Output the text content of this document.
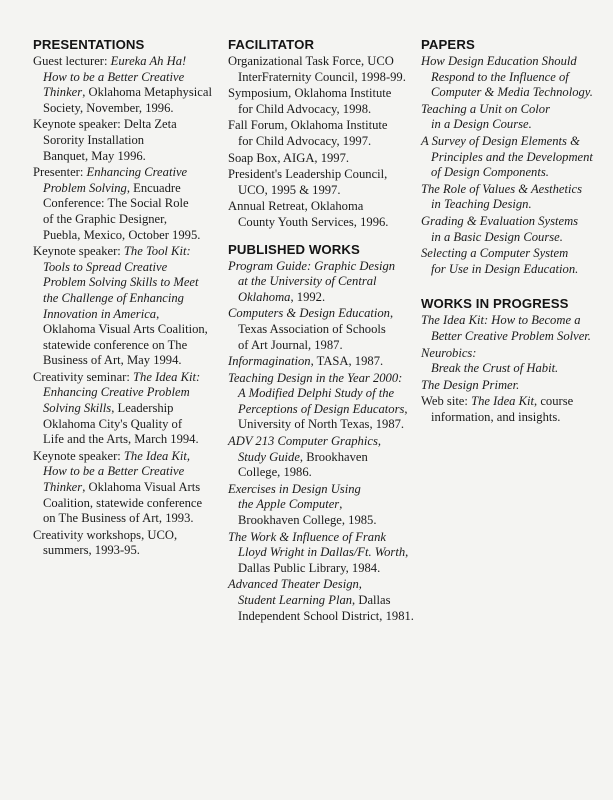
PRESENTATIONS
Guest lecturer: Eureka Ah Ha!
How to be a Better Creative
Thinker, Oklahoma Metaphysical
Society, November, 1996.
Keynote speaker: Delta Zeta
Sorority Installation
Banquet, May 1996.
Presenter: Enhancing Creative
Problem Solving, Encuadre
Conference: The Social Role
of the Graphic Designer,
Puebla, Mexico, October 1995.
Keynote speaker: The Tool Kit:
Tools to Spread Creative
Problem Solving Skills to Meet
the Challenge of Enhancing
Innovation in America,
Oklahoma Visual Arts Coalition,
statewide conference on The
Business of Art, May 1994.
Creativity seminar: The Idea Kit:
Enhancing Creative Problem
Solving Skills, Leadership
Oklahoma City's Quality of
Life and the Arts, March 1994.
Keynote speaker: The Idea Kit,
How to be a Better Creative
Thinker, Oklahoma Visual Arts
Coalition, statewide conference
on The Business of Art, 1993.
Creativity workshops, UCO,
summers, 1993-95.
FACILITATOR
Organizational Task Force, UCO
InterFraternity Council, 1998-99.
Symposium, Oklahoma Institute
for Child Advocacy, 1998.
Fall Forum, Oklahoma Institute
for Child Advocacy, 1997.
Soap Box, AIGA, 1997.
President's Leadership Council,
UCO, 1995 & 1997.
Annual Retreat, Oklahoma
County Youth Services, 1996.
PUBLISHED WORKS
Program Guide: Graphic Design
at the University of Central
Oklahoma, 1992.
Computers & Design Education,
Texas Association of Schools
of Art Journal, 1987.
Informagination, TASA, 1987.
Teaching Design in the Year 2000:
A Modified Delphi Study of the
Perceptions of Design Educators,
University of North Texas, 1987.
ADV 213 Computer Graphics,
Study Guide, Brookhaven
College, 1986.
Exercises in Design Using
the Apple Computer,
Brookhaven College, 1985.
The Work & Influence of Frank
Lloyd Wright in Dallas/Ft. Worth,
Dallas Public Library, 1984.
Advanced Theater Design,
Student Learning Plan, Dallas
Independent School District, 1981.
PAPERS
How Design Education Should
Respond to the Influence of
Computer & Media Technology.
Teaching a Unit on Color
in a Design Course.
A Survey of Design Elements &
Principles and the Development
of Design Components.
The Role of Values & Aesthetics
in Teaching Design.
Grading & Evaluation Systems
in a Basic Design Course.
Selecting a Computer System
for Use in Design Education.
WORKS IN PROGRESS
The Idea Kit: How to Become a
Better Creative Problem Solver.
Neurobics:
Break the Crust of Habit.
The Design Primer.
Web site: The Idea Kit, course
information, and insights.
